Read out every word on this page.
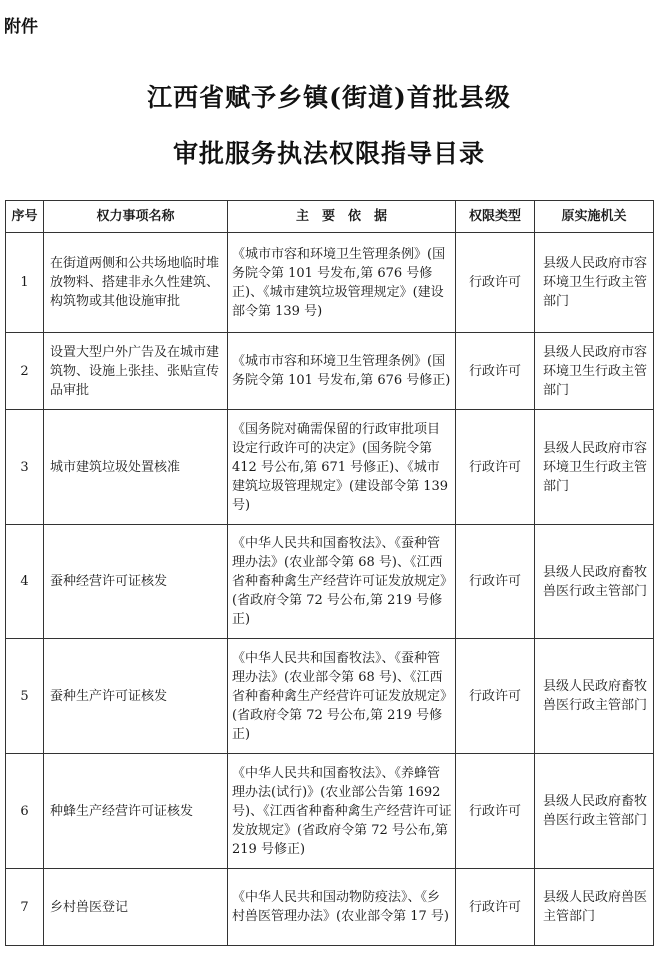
附件
江西省赋予乡镇(街道)首批县级
审批服务执法权限指导目录
序号	权力事项名称	主　要　依　据	权限类型	原实施机关
1	在街道两侧和公共场地临时堆放物料、搭建非永久性建筑、构筑物或其他设施审批	《城市市容和环境卫生管理条例》(国务院令第 101 号发布,第 676 号修正)、《城市建筑垃圾管理规定》(建设部令第 139 号)	行政许可	县级人民政府市容环境卫生行政主管部门
2	设置大型户外广告及在城市建筑物、设施上张挂、张贴宣传品审批	《城市市容和环境卫生管理条例》(国务院令第 101 号发布,第 676 号修正)	行政许可	县级人民政府市容环境卫生行政主管部门
3	城市建筑垃圾处置核准	《国务院对确需保留的行政审批项目设定行政许可的决定》(国务院令第 412 号公布,第 671 号修正)、《城市建筑垃圾管理规定》(建设部令第 139 号)	行政许可	县级人民政府市容环境卫生行政主管部门
4	蚕种经营许可证核发	《中华人民共和国畜牧法》、《蚕种管理办法》(农业部令第 68 号)、《江西省种畜种禽生产经营许可证发放规定》(省政府令第 72 号公布,第 219 号修正)	行政许可	县级人民政府畜牧兽医行政主管部门
5	蚕种生产许可证核发	《中华人民共和国畜牧法》、《蚕种管理办法》(农业部令第 68 号)、《江西省种畜种禽生产经营许可证发放规定》(省政府令第 72 号公布,第 219 号修正)	行政许可	县级人民政府畜牧兽医行政主管部门
6	种蜂生产经营许可证核发	《中华人民共和国畜牧法》、《养蜂管理办法(试行)》(农业部公告第 1692 号)、《江西省种畜种禽生产经营许可证发放规定》(省政府令第 72 号公布,第 219 号修正)	行政许可	县级人民政府畜牧兽医行政主管部门
7	乡村兽医登记	《中华人民共和国动物防疫法》、《乡村兽医管理办法》(农业部令第 17 号)	行政许可	县级人民政府兽医主管部门
